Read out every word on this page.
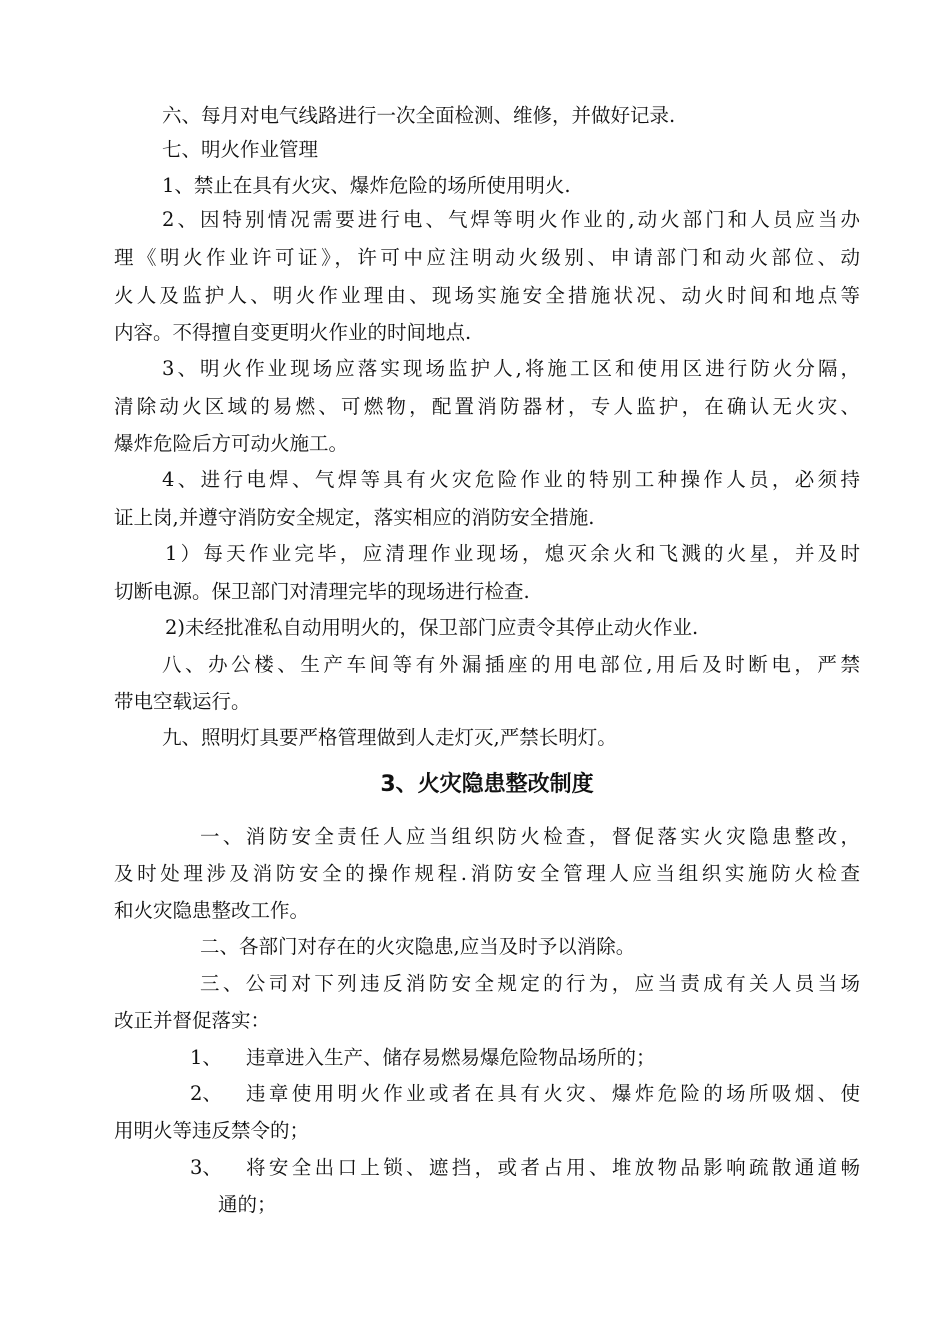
六、每月对电气线路进行一次全面检测、维修，并做好记录.
七、明火作业管理
1、禁止在具有火灾、爆炸危险的场所使用明火.
2、因特别情况需要进行电、气焊等明火作业的,动火部门和人员应当办
理《明火作业许可证》，许可中应注明动火级别、申请部门和动火部位、动
火人及监护人、明火作业理由、现场实施安全措施状况、动火时间和地点等
内容。不得擅自变更明火作业的时间地点.
3、明火作业现场应落实现场监护人,将施工区和使用区进行防火分隔，
清除动火区域的易燃、可燃物，配置消防器材，专人监护，在确认无火灾、
爆炸危险后方可动火施工。
4、进行电焊、气焊等具有火灾危险作业的特别工种操作人员，必须持
证上岗,并遵守消防安全规定，落实相应的消防安全措施.
1）每天作业完毕，应清理作业现场，熄灭余火和飞溅的火星，并及时
切断电源。保卫部门对清理完毕的现场进行检查.
2)未经批准私自动用明火的，保卫部门应责令其停止动火作业.
八、办公楼、生产车间等有外漏插座的用电部位,用后及时断电，严禁
带电空载运行。
九、照明灯具要严格管理做到人走灯灭,严禁长明灯。
3、火灾隐患整改制度
一、消防安全责任人应当组织防火检查，督促落实火灾隐患整改，
及时处理涉及消防安全的操作规程.消防安全管理人应当组织实施防火检查
和火灾隐患整改工作。
二、各部门对存在的火灾隐患,应当及时予以消除。
三、公司对下列违反消防安全规定的行为，应当责成有关人员当场
改正并督促落实：
1、 违章进入生产、储存易燃易爆危险物品场所的；
2、 违章使用明火作业或者在具有火灾、爆炸危险的场所吸烟、使
用明火等违反禁令的；
3、 将安全出口上锁、遮挡，或者占用、堆放物品影响疏散通道畅
通的；
